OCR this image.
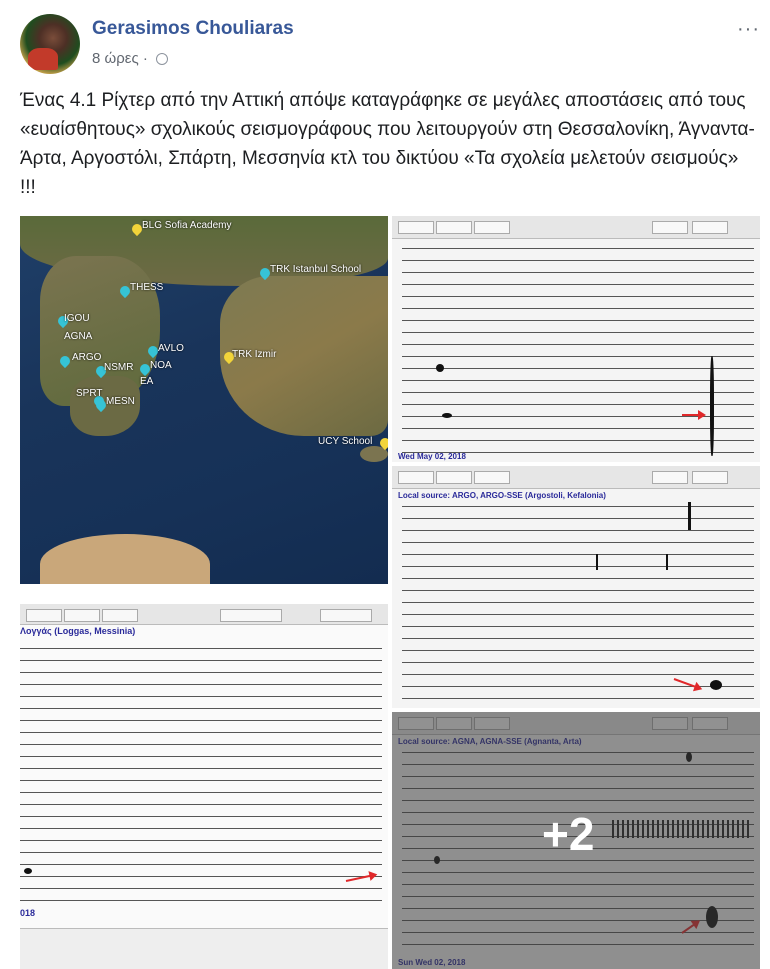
Gerasimos Chouliaras
8 ώρες ·
···
Ένας 4.1 Ρίχτερ από την Αττική απόψε καταγράφηκε σε μεγάλες αποστάσεις από τους «ευαίσθητους» σχολικούς σεισμογράφους που λειτουργούν στη Θεσσαλονίκη, Άγναντα-Άρτα, Αργοστόλι, Σπάρτη, Μεσσηνία κτλ του δικτύου «Τα σχολεία μελετούν σεισμούς» !!!
BLG Sofia Academy
TRK Istanbul School
THESS
IGOU
AGNA
ARGO
NSMR
AVLO
NOA
EA
TRK Izmir
SPRT
MESN
UCY School
Wed May 02, 2018
Local source: ARGO, ARGO-SSE (Argostoli, Kefalonia)
Λογγάς (Loggas, Messinia)
018
+2
